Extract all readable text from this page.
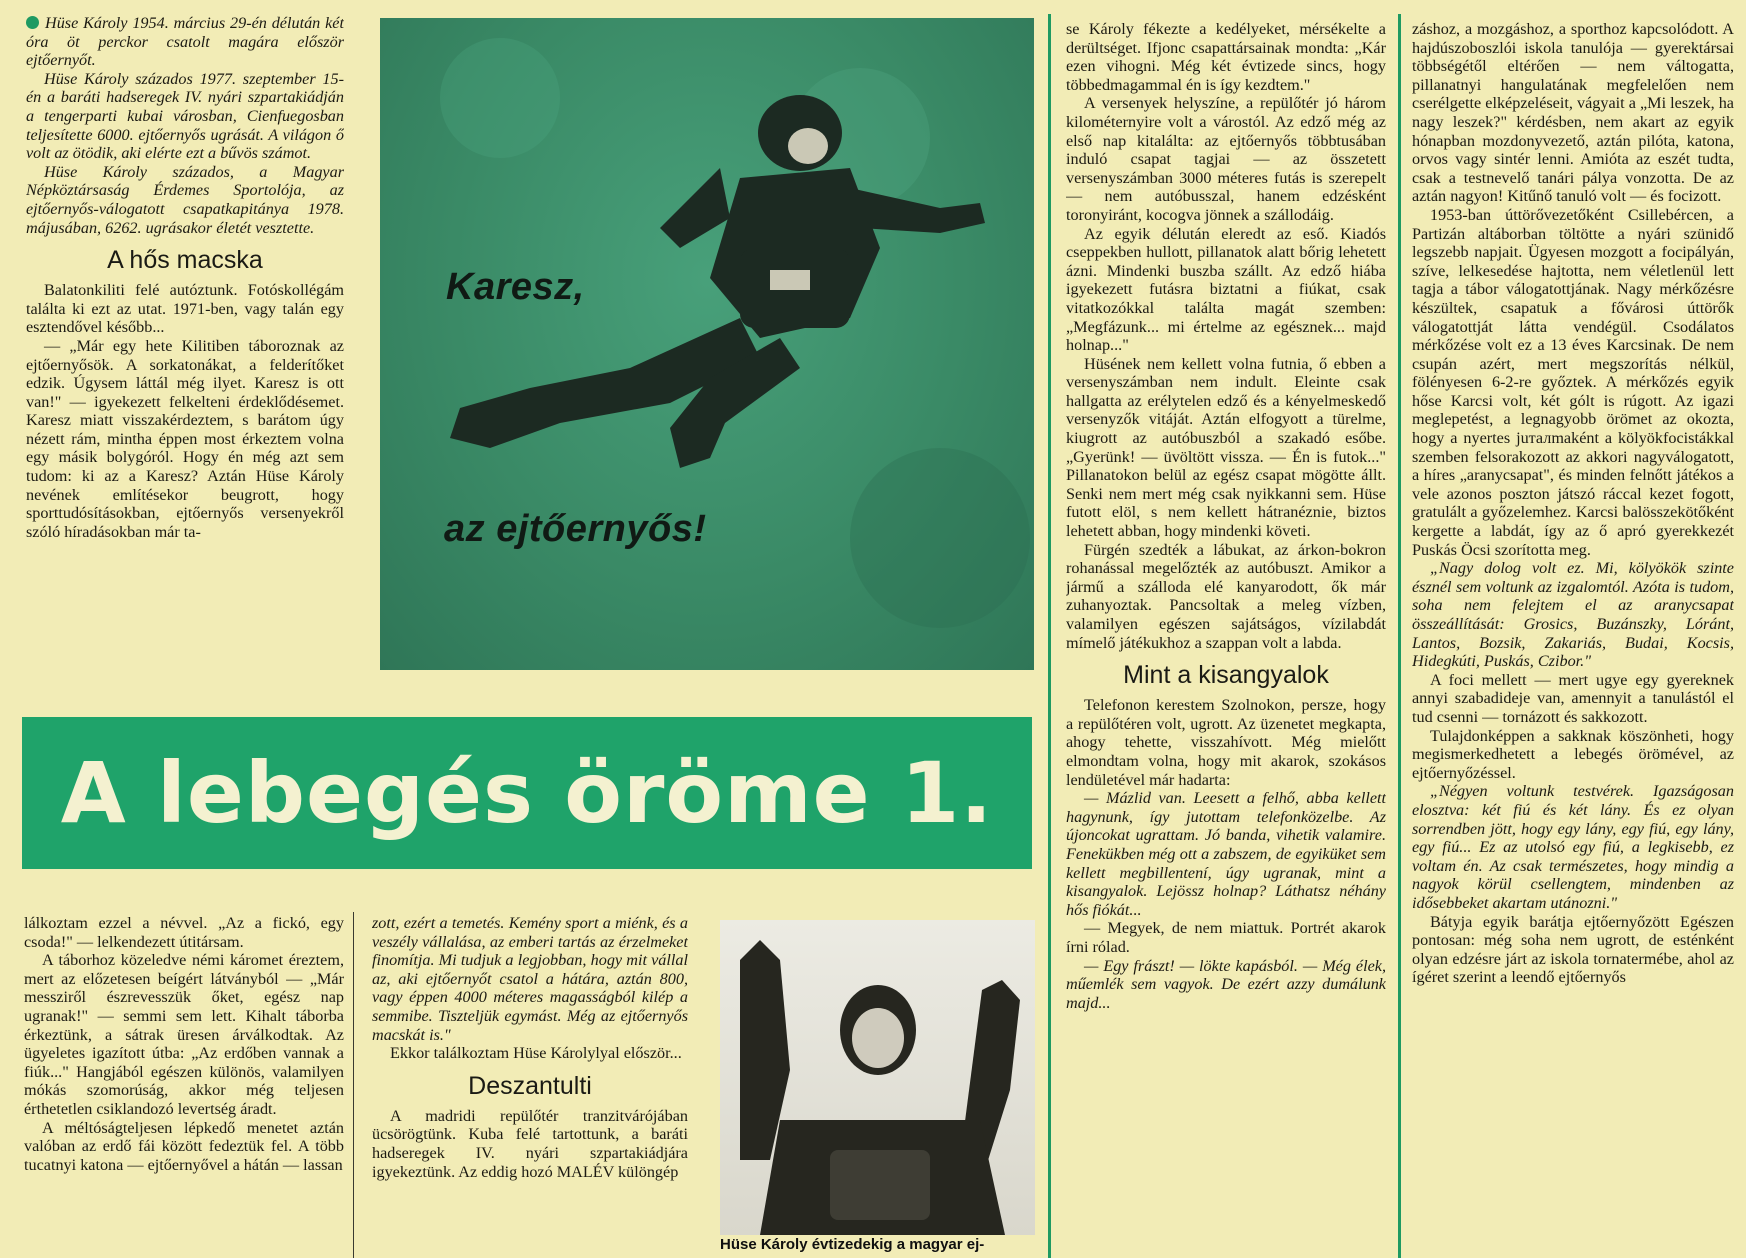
Hüse Károly 1954. március 29-én délután két óra öt perckor csatolt magára először ejtőernyőt.

Hüse Károly százados 1977. szeptember 15-én a baráti hadseregek IV. nyári szpartakiádján a tengerparti kubai városban, Cienfuegosban teljesítette 6000. ejtőernyős ugrását. A világon ő volt az ötödik, aki elérte ezt a bűvös számot.

Hüse Károly százados, a Magyar Népköztársaság Érdemes Sportolója, az ejtőernyős-válogatott csapatkapitánya 1978. májusában, 6262. ugrásakor életét vesztette.

A hős macska

Balatonkiliti felé autóztunk. Fotóskollégám találta ki ezt az utat. 1971-ben, vagy talán egy esztendővel később...

— „Már egy hete Kilitiben táboroznak az ejtőernyősök. A sorkatonákat, a felderítőket edzik. Úgysem láttál még ilyet. Karesz is ott van!" — igyekezett felkelteni érdeklődésemet. Karesz miatt visszakérdeztem, s barátom úgy nézett rám, mintha éppen most érkeztem volna egy másik bolygóról. Hogy én még azt sem tudom: ki az a Karesz? Aztán Hüse Károly nevének említésekor beugrott, hogy sporttudósításokban, ejtőernyős versenyekről szóló híradásokban már ta-

Karesz,
az ejtőernyős!
A lebegés öröme 1.

lálkoztam ezzel a névvel. „Az a fickó, egy csoda!" — lelkendezett útitársam.

A táborhoz közeledve némi káromet éreztem, mert az előzetesen beígért látványból — „Már messziről észrevesszük őket, egész nap ugranak!" — semmi sem lett. Kihalt táborba érkeztünk, a sátrak üresen árválkodtak. Az ügyeletes igazított útba: „Az erdőben vannak a fiúk..." Hangjából egészen különös, valamilyen mókás szomorúság, akkor még teljesen érthetetlen csiklandozó levertség áradt.

A méltóságteljesen lépkedő menetet aztán valóban az erdő fái között fedeztük fel. A több tucatnyi katona — ejtőernyővel a hátán — lassan

zott, ezért a temetés. Kemény sport a miénk, és a veszély vállalása, az emberi tartás az érzelmeket finomítja. Mi tudjuk a legjobban, hogy mit vállal az, aki ejtőernyőt csatol a hátára, aztán 800, vagy éppen 4000 méteres magasságból kilép a semmibe. Tiszteljük egymást. Még az ejtőernyős macskát is."

Ekkor találkoztam Hüse Károlylyal először...

Deszantulti

A madridi repülőtér tranzitvárójában ücsörögtünk. Kuba felé tartottunk, a baráti hadseregek IV. nyári szpartakiádjára igyekeztünk. Az eddig hozó MALÉV különgép

Hüse Károly évtizedekig a magyar ej-

se Károly fékezte a kedélyeket, mérsékelte a derültséget. Ifjonc csapattársainak mondta: „Kár ezen vihogni. Még két évtizede sincs, hogy többedmagammal én is így kezdtem."

A versenyek helyszíne, a repülőtér jó három kilométernyire volt a várostól. Az edző még az első nap kitalálta: az ejtőernyős többtusában induló csapat tagjai — az összetett versenyszámban 3000 méteres futás is szerepelt — nem autóbusszal, hanem edzésként toronyiránt, kocogva jönnek a szállodáig.

Az egyik délután eleredt az eső. Kiadós cseppekben hullott, pillanatok alatt bőrig lehetett ázni. Mindenki buszba szállt. Az edző hiába igyekezett futásra biztatni a fiúkat, csak vitatkozókkal találta magát szemben: „Megfázunk... mi értelme az egésznek... majd holnap..."

Hüsének nem kellett volna futnia, ő ebben a versenyszámban nem indult. Eleinte csak hallgatta az erélytelen edző és a kényelmeskedő versenyzők vitáját. Aztán elfogyott a türelme, kiugrott az autóbuszból a szakadó esőbe. „Gyerünk! — üvöltött vissza. — Én is futok..." Pillanatokon belül az egész csapat mögötte állt. Senki nem mert még csak nyikkanni sem. Hüse futott elöl, s nem kellett hátranéznie, biztos lehetett abban, hogy mindenki követi.

Fürgén szedték a lábukat, az árkon-bokron rohanással megelőzték az autóbuszt. Amikor a jármű a szálloda elé kanyarodott, ők már zuhanyoztak. Pancsoltak a meleg vízben, valamilyen egészen sajátságos, vízilabdát mímelő játékukhoz a szappan volt a labda.

Mint a kisangyalok

Telefonon kerestem Szolnokon, persze, hogy a repülőtéren volt, ugrott. Az üzenetet megkapta, ahogy tehette, visszahívott. Még mielőtt elmondtam volna, hogy mit akarok, szokásos lendületével már hadarta:

— Mázlid van. Leesett a felhő, abba kellett hagynunk, így jutottam telefonközelbe. Az újoncokat ugrattam. Jó banda, vihetik valamire. Fenekükben még ott a zabszem, de egyiküket sem kellett megbillentení, úgy ugranak, mint a kisangyalok. Lejössz holnap? Láthatsz néhány hős fiókát...

— Megyek, de nem miattuk. Portrét akarok írni rólad.

— Egy frászt! — lökte kapásból. — Még élek, műemlék sem vagyok. De ezért azzy dumálunk majd...

záshoz, a mozgáshoz, a sporthoz kapcsolódott. A hajdúszoboszlói iskola tanulója — gyerektársai többségétől eltérően — nem váltogatta, pillanatnyi hangulatának megfelelően nem cserélgette elképzeléseit, vágyait a „Mi leszek, ha nagy leszek?" kérdésben, nem akart az egyik hónapban mozdonyvezető, aztán pilóta, katona, orvos vagy sintér lenni. Amióta az eszét tudta, csak a testnevelő tanári pálya vonzotta. De az aztán nagyon! Kitűnő tanuló volt — és focizott.

1953-ban úttörővezetőként Csillebércen, a Partizán altáborban töltötte a nyári szünidő legszebb napjait. Ügyesen mozgott a focipályán, szíve, lelkesedése hajtotta, nem véletlenül lett tagja a tábor válogatottjának. Nagy mérkőzésre készültek, csapatuk a fővárosi úttörők válogatottját látta vendégül. Csodálatos mérkőzése volt ez a 13 éves Karcsinak. De nem csupán azért, mert megszorítás nélkül, fölényesen 6-2-re győztek. A mérkőzés egyik hőse Karcsi volt, két gólt is rúgott. Az igazi meglepetést, a legnagyobb örömet az okozta, hogy a nyertes juталmaként a kölyökfocistákkal szemben felsorakozott az akkori nagyválogatott, a híres „aranycsapat", és minden felnőtt játékos a vele azonos poszton játszó ráccal kezet fogott, gratulált a győzelemhez. Karcsi balösszekötőként kergette a labdát, így az ő apró gyerekkezét Puskás Öcsi szorította meg.

„Nagy dolog volt ez. Mi, kölyökök szinte észnél sem voltunk az izgalomtól. Azóta is tudom, soha nem felejtem el az aranycsapat összeállítását: Grosics, Buzánszky, Lóránt, Lantos, Bozsik, Zakariás, Budai, Kocsis, Hidegkúti, Puskás, Czibor."

A foci mellett — mert ugye egy gyereknek annyi szabadideje van, amennyit a tanulástól el tud csenni — tornázott és sakkozott.

Tulajdonképpen a sakknak köszönheti, hogy megismerkedhetett a lebegés örömével, az ejtőernyőzéssel.

„Négyen voltunk testvérek. Igazságosan elosztva: két fiú és két lány. És ez olyan sorrendben jött, hogy egy lány, egy fiú, egy lány, egy fiú... Ez az utolsó egy fiú, a legkisebb, ez voltam én. Az csak természetes, hogy mindig a nagyok körül csellengtem, mindenben az idősebbeket akartam utánozni."

Bátyja egyik barátja ejtőernyőzött Egészen pontosan: még soha nem ugrott, de esténként olyan edzésre járt az iskola tornatermébe, ahol az ígéret szerint a leendő ejtőernyős
